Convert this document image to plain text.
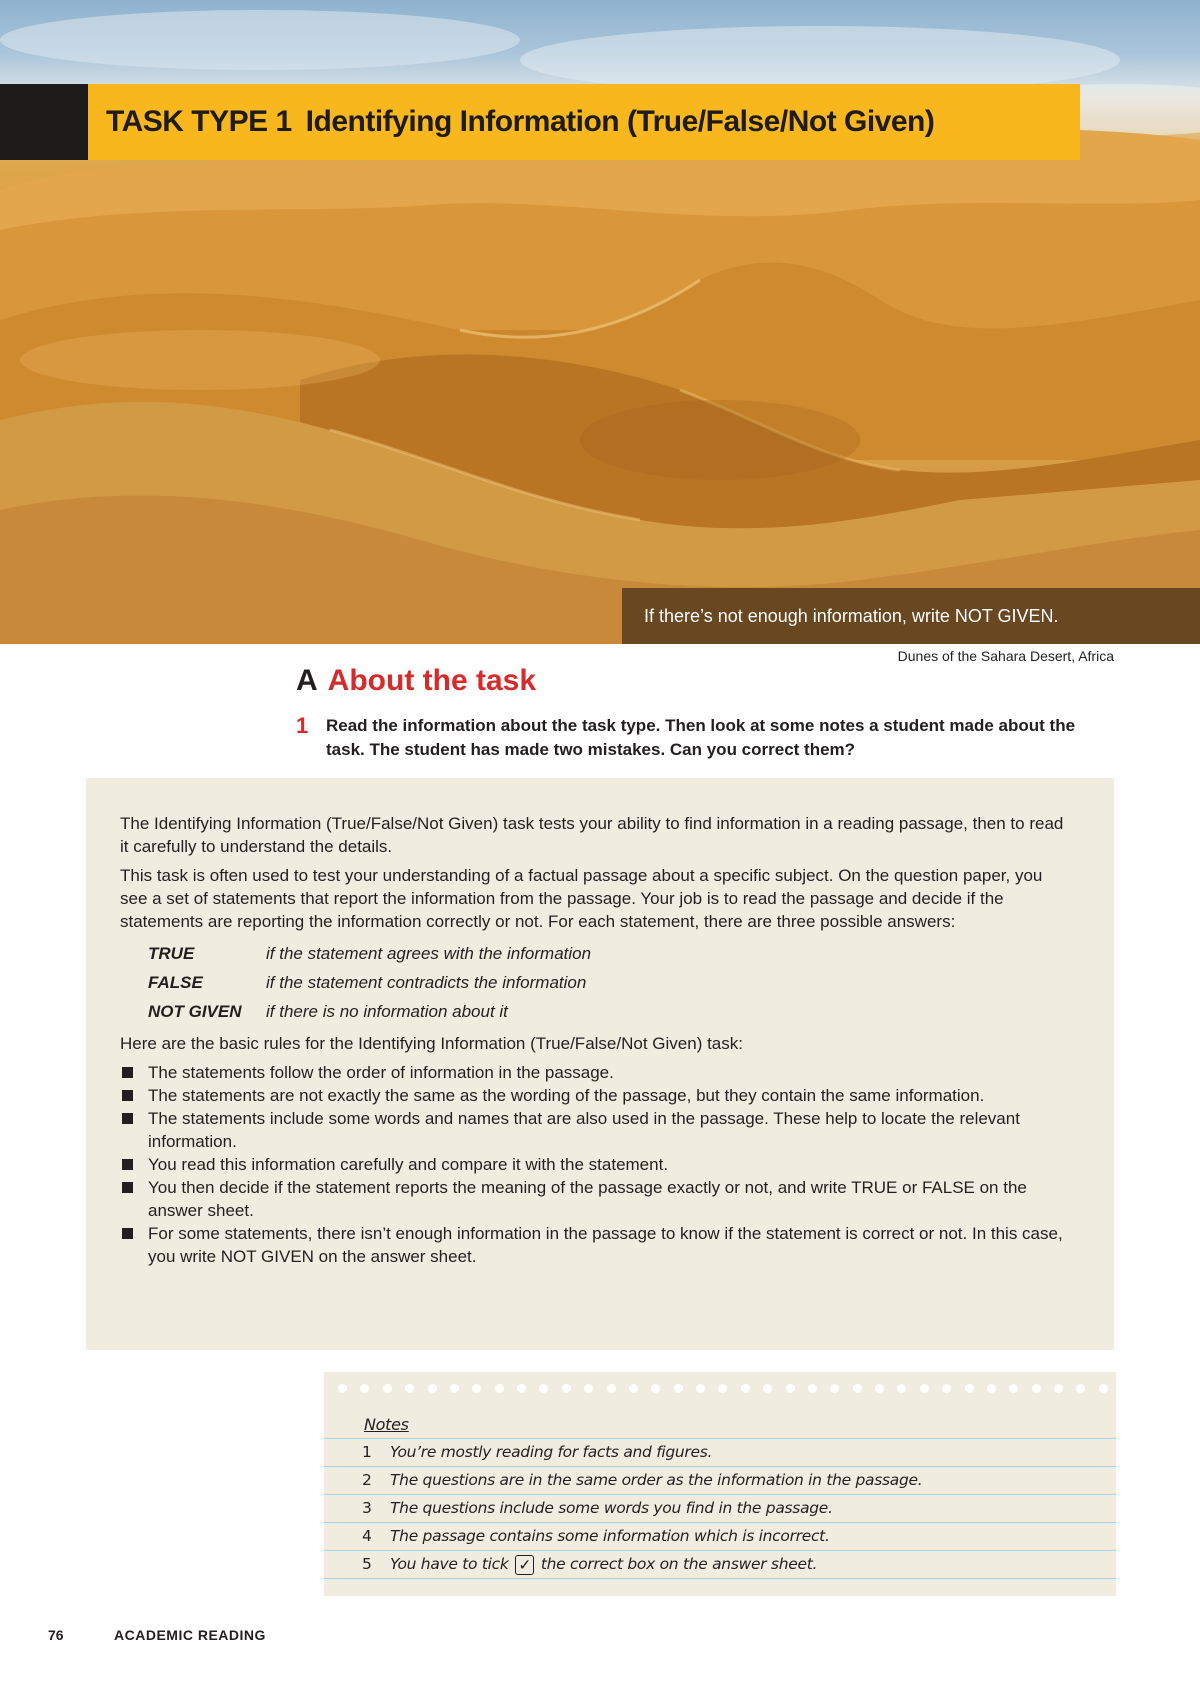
TASK TYPE 1 Identifying Information (True/False/Not Given)
If there’s not enough information, write NOT GIVEN.
Dunes of the Sahara Desert, Africa
A About the task
1 Read the information about the task type. Then look at some notes a student made about the task. The student has made two mistakes. Can you correct them?

The Identifying Information (True/False/Not Given) task tests your ability to find information in a reading passage, then to read it carefully to understand the details.

This task is often used to test your understanding of a factual passage about a specific subject. On the question paper, you see a set of statements that report the information from the passage. Your job is to read the passage and decide if the statements are reporting the information correctly or not. For each statement, there are three possible answers:

TRUE	if the statement agrees with the information
FALSE	if the statement contradicts the information
NOT GIVEN	if there is no information about it

Here are the basic rules for the Identifying Information (True/False/Not Given) task:

The statements follow the order of information in the passage.
The statements are not exactly the same as the wording of the passage, but they contain the same information.
The statements include some words and names that are also used in the passage. These help to locate the relevant information.
You read this information carefully and compare it with the statement.
You then decide if the statement reports the meaning of the passage exactly or not, and write TRUE or FALSE on the answer sheet.
For some statements, there isn’t enough information in the passage to know if the statement is correct or not. In this case, you write NOT GIVEN on the answer sheet.
Notes
1	You’re mostly reading for facts and figures.
2	The questions are in the same order as the information in the passage.
3	The questions include some words you find in the passage.
4	The passage contains some information which is incorrect.
5	You have to tick ✓ the correct box on the answer sheet.
76	ACADEMIC READING
